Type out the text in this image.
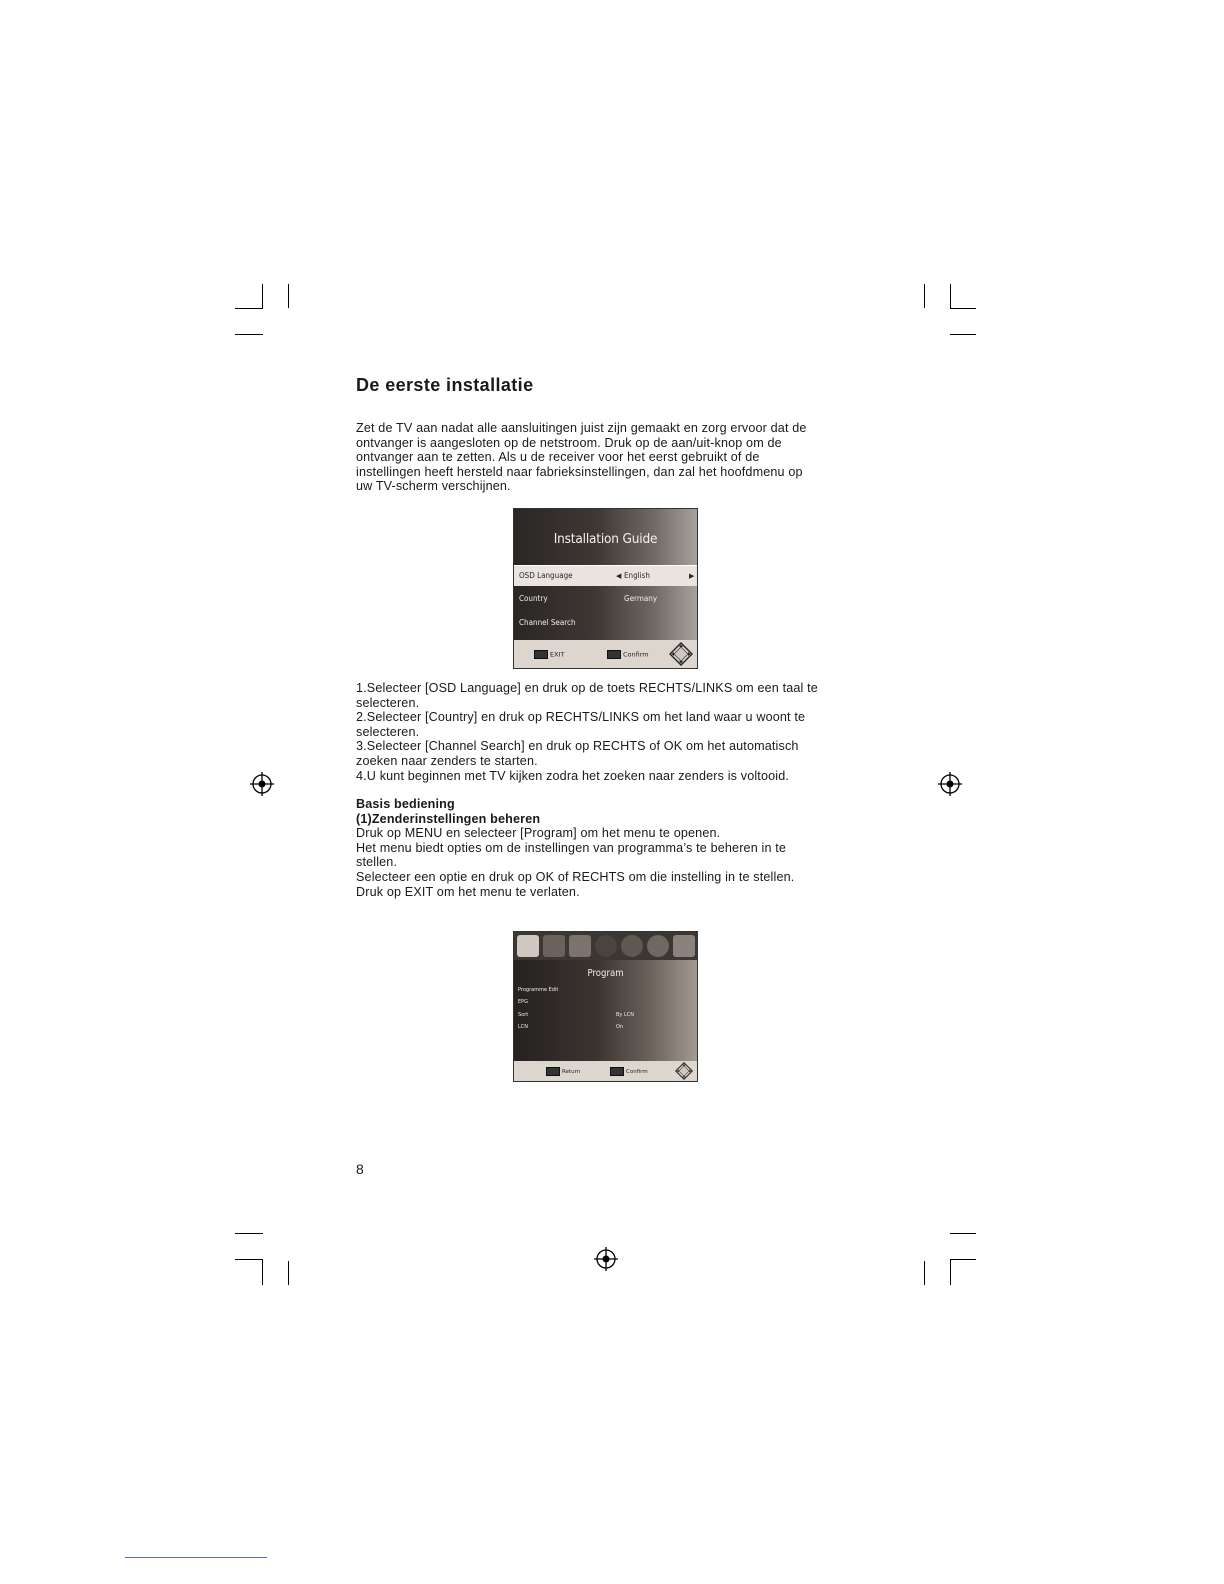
De eerste installatie
Zet de TV aan nadat alle aansluitingen juist zijn gemaakt en zorg ervoor dat de
ontvanger is aangesloten op de netstroom. Druk op de aan/uit-knop om de
ontvanger aan te zetten. Als u de receiver voor het eerst gebruikt of de
instellingen heeft hersteld naar fabrieksinstellingen, dan zal het hoofdmenu op
uw TV-scherm verschijnen.
Installation Guide
OSD Language	◀ English	▶
Country	Germany
Channel Search
EXIT	Confirm
1.Selecteer [OSD Language] en druk op de toets RECHTS/LINKS om een taal te
selecteren.
2.Selecteer [Country] en druk op RECHTS/LINKS om het land waar u woont te
selecteren.
3.Selecteer [Channel Search] en druk op RECHTS of OK om het automatisch
zoeken naar zenders te starten.
4.U kunt beginnen met TV kijken zodra het zoeken naar zenders is voltooid.
Basis bediening
(1)Zenderinstellingen beheren
Druk op MENU en selecteer [Program] om het menu te openen.
Het menu biedt opties om de instellingen van programma’s te beheren in te
stellen.
Selecteer een optie en druk op OK of RECHTS om die instelling in te stellen.
Druk op EXIT om het menu te verlaten.
Program
Programme Edit
EPG
Sort	By LCN
LCN	On
Return	Confirm
8
